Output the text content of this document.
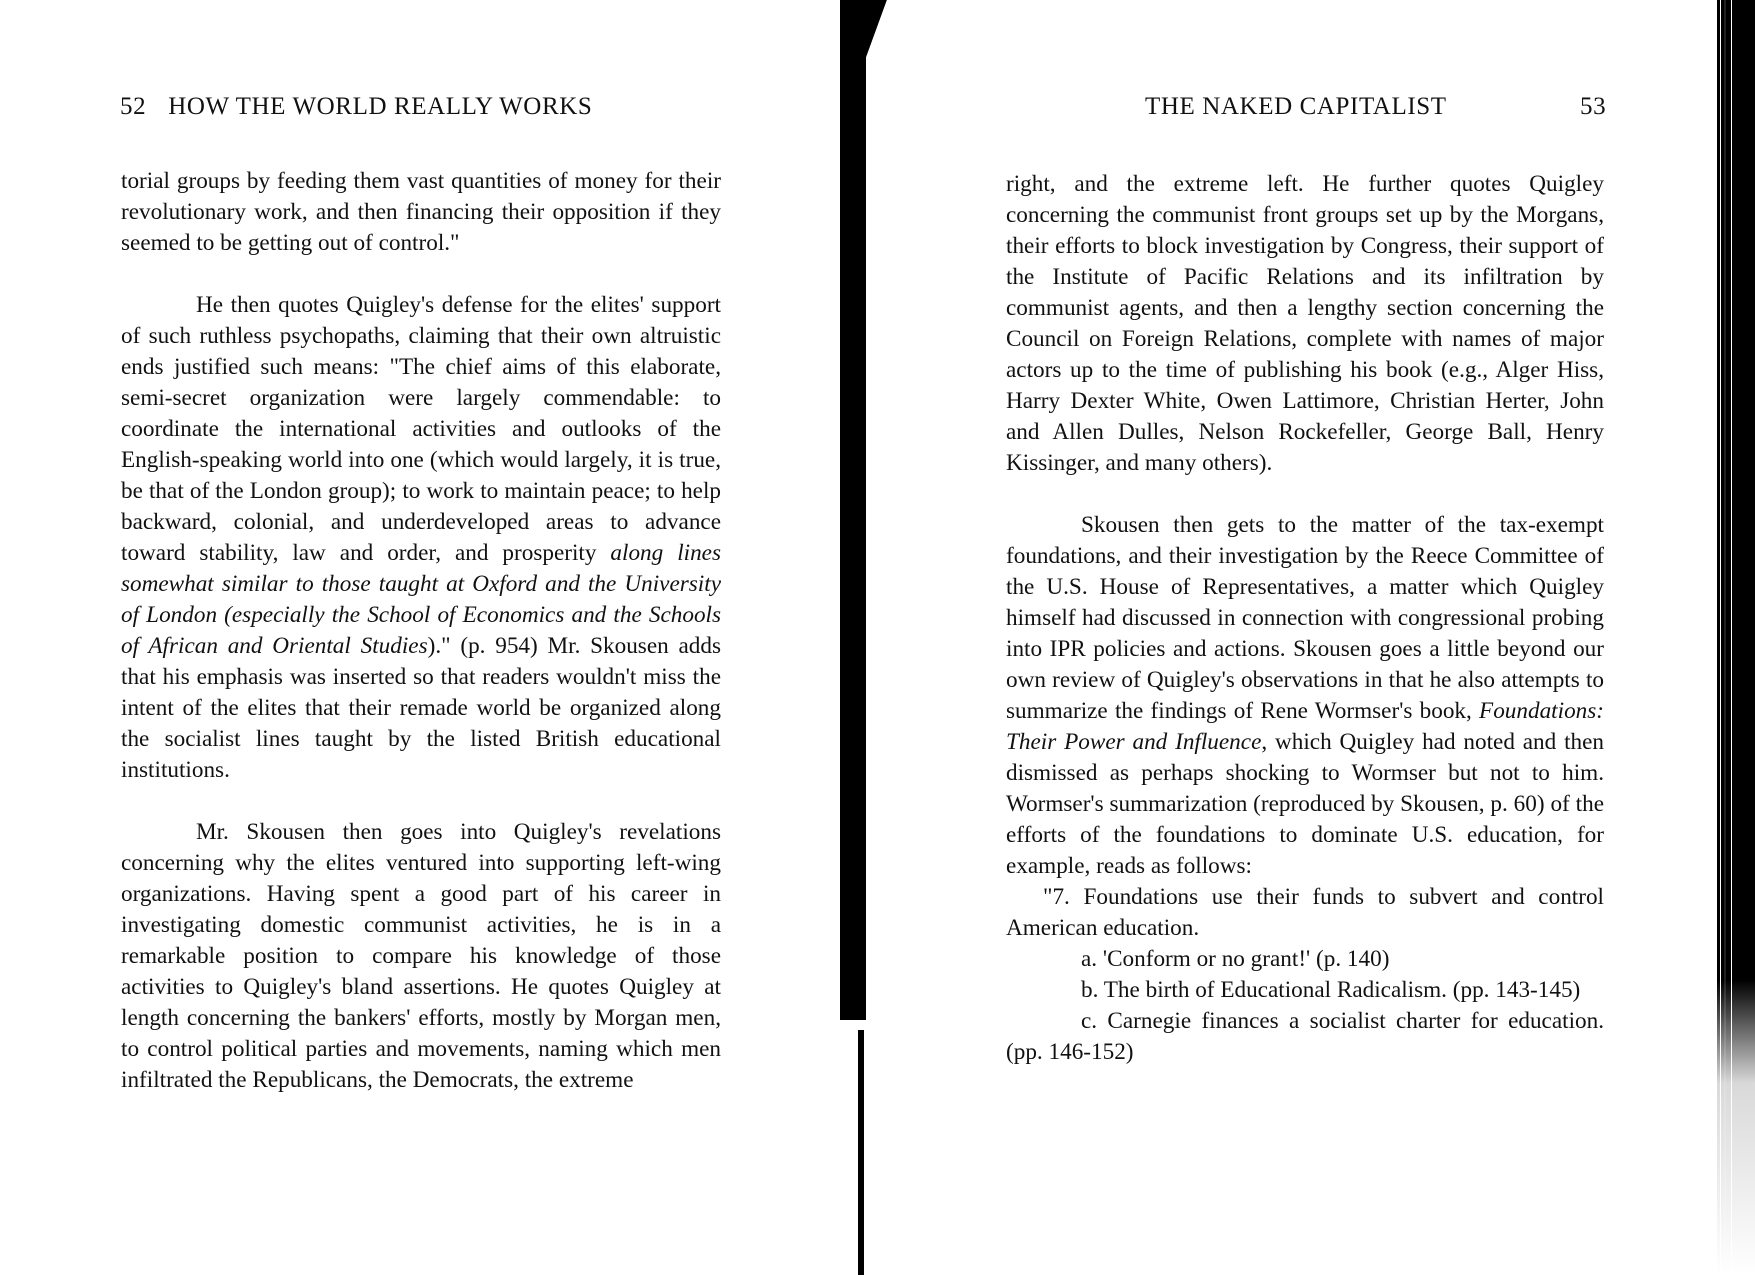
52 HOW THE WORLD REALLY WORKS	THE NAKED CAPITALIST	53

torial groups by feeding them vast quantities of money for their revolutionary work, and then financing their opposition if they seemed to be getting out of control."

He then quotes Quigley's defense for the elites' support of such ruthless psychopaths, claiming that their own altruistic ends justified such means: "The chief aims of this elaborate, semi-secret organization were largely commendable: to coordinate the international activities and outlooks of the English-speaking world into one (which would largely, it is true, be that of the London group); to work to maintain peace; to help backward, colonial, and underdeveloped areas to advance toward stability, law and order, and prosperity along lines somewhat similar to those taught at Oxford and the University of London (especially the School of Economics and the Schools of African and Oriental Studies)." (p. 954) Mr. Skousen adds that his emphasis was inserted so that readers wouldn't miss the intent of the elites that their remade world be organized along the socialist lines taught by the listed British educational institutions.

Mr. Skousen then goes into Quigley's revelations concerning why the elites ventured into supporting left-wing organizations. Having spent a good part of his career in investigating domestic communist activities, he is in a remarkable position to compare his knowledge of those activities to Quigley's bland assertions. He quotes Quigley at length concerning the bankers' efforts, mostly by Morgan men, to control political parties and movements, naming which men infiltrated the Republicans, the Democrats, the extreme

right, and the extreme left. He further quotes Quigley concerning the communist front groups set up by the Morgans, their efforts to block investigation by Congress, their support of the Institute of Pacific Relations and its infiltration by communist agents, and then a lengthy section concerning the Council on Foreign Relations, complete with names of major actors up to the time of publishing his book (e.g., Alger Hiss, Harry Dexter White, Owen Lattimore, Christian Herter, John and Allen Dulles, Nelson Rockefeller, George Ball, Henry Kissinger, and many others).

Skousen then gets to the matter of the tax-exempt foundations, and their investigation by the Reece Committee of the U.S. House of Representatives, a matter which Quigley himself had discussed in connection with congressional probing into IPR policies and actions. Skousen goes a little beyond our own review of Quigley's observations in that he also attempts to summarize the findings of Rene Wormser's book, Foundations: Their Power and Influence, which Quigley had noted and then dismissed as perhaps shocking to Wormser but not to him. Wormser's summarization (reproduced by Skousen, p. 60) of the efforts of the foundations to dominate U.S. education, for example, reads as follows:

"7. Foundations use their funds to subvert and control American education.

a. 'Conform or no grant!' (p. 140)

b. The birth of Educational Radicalism. (pp. 143-145)

c. Carnegie finances a socialist charter for education. (pp. 146-152)
